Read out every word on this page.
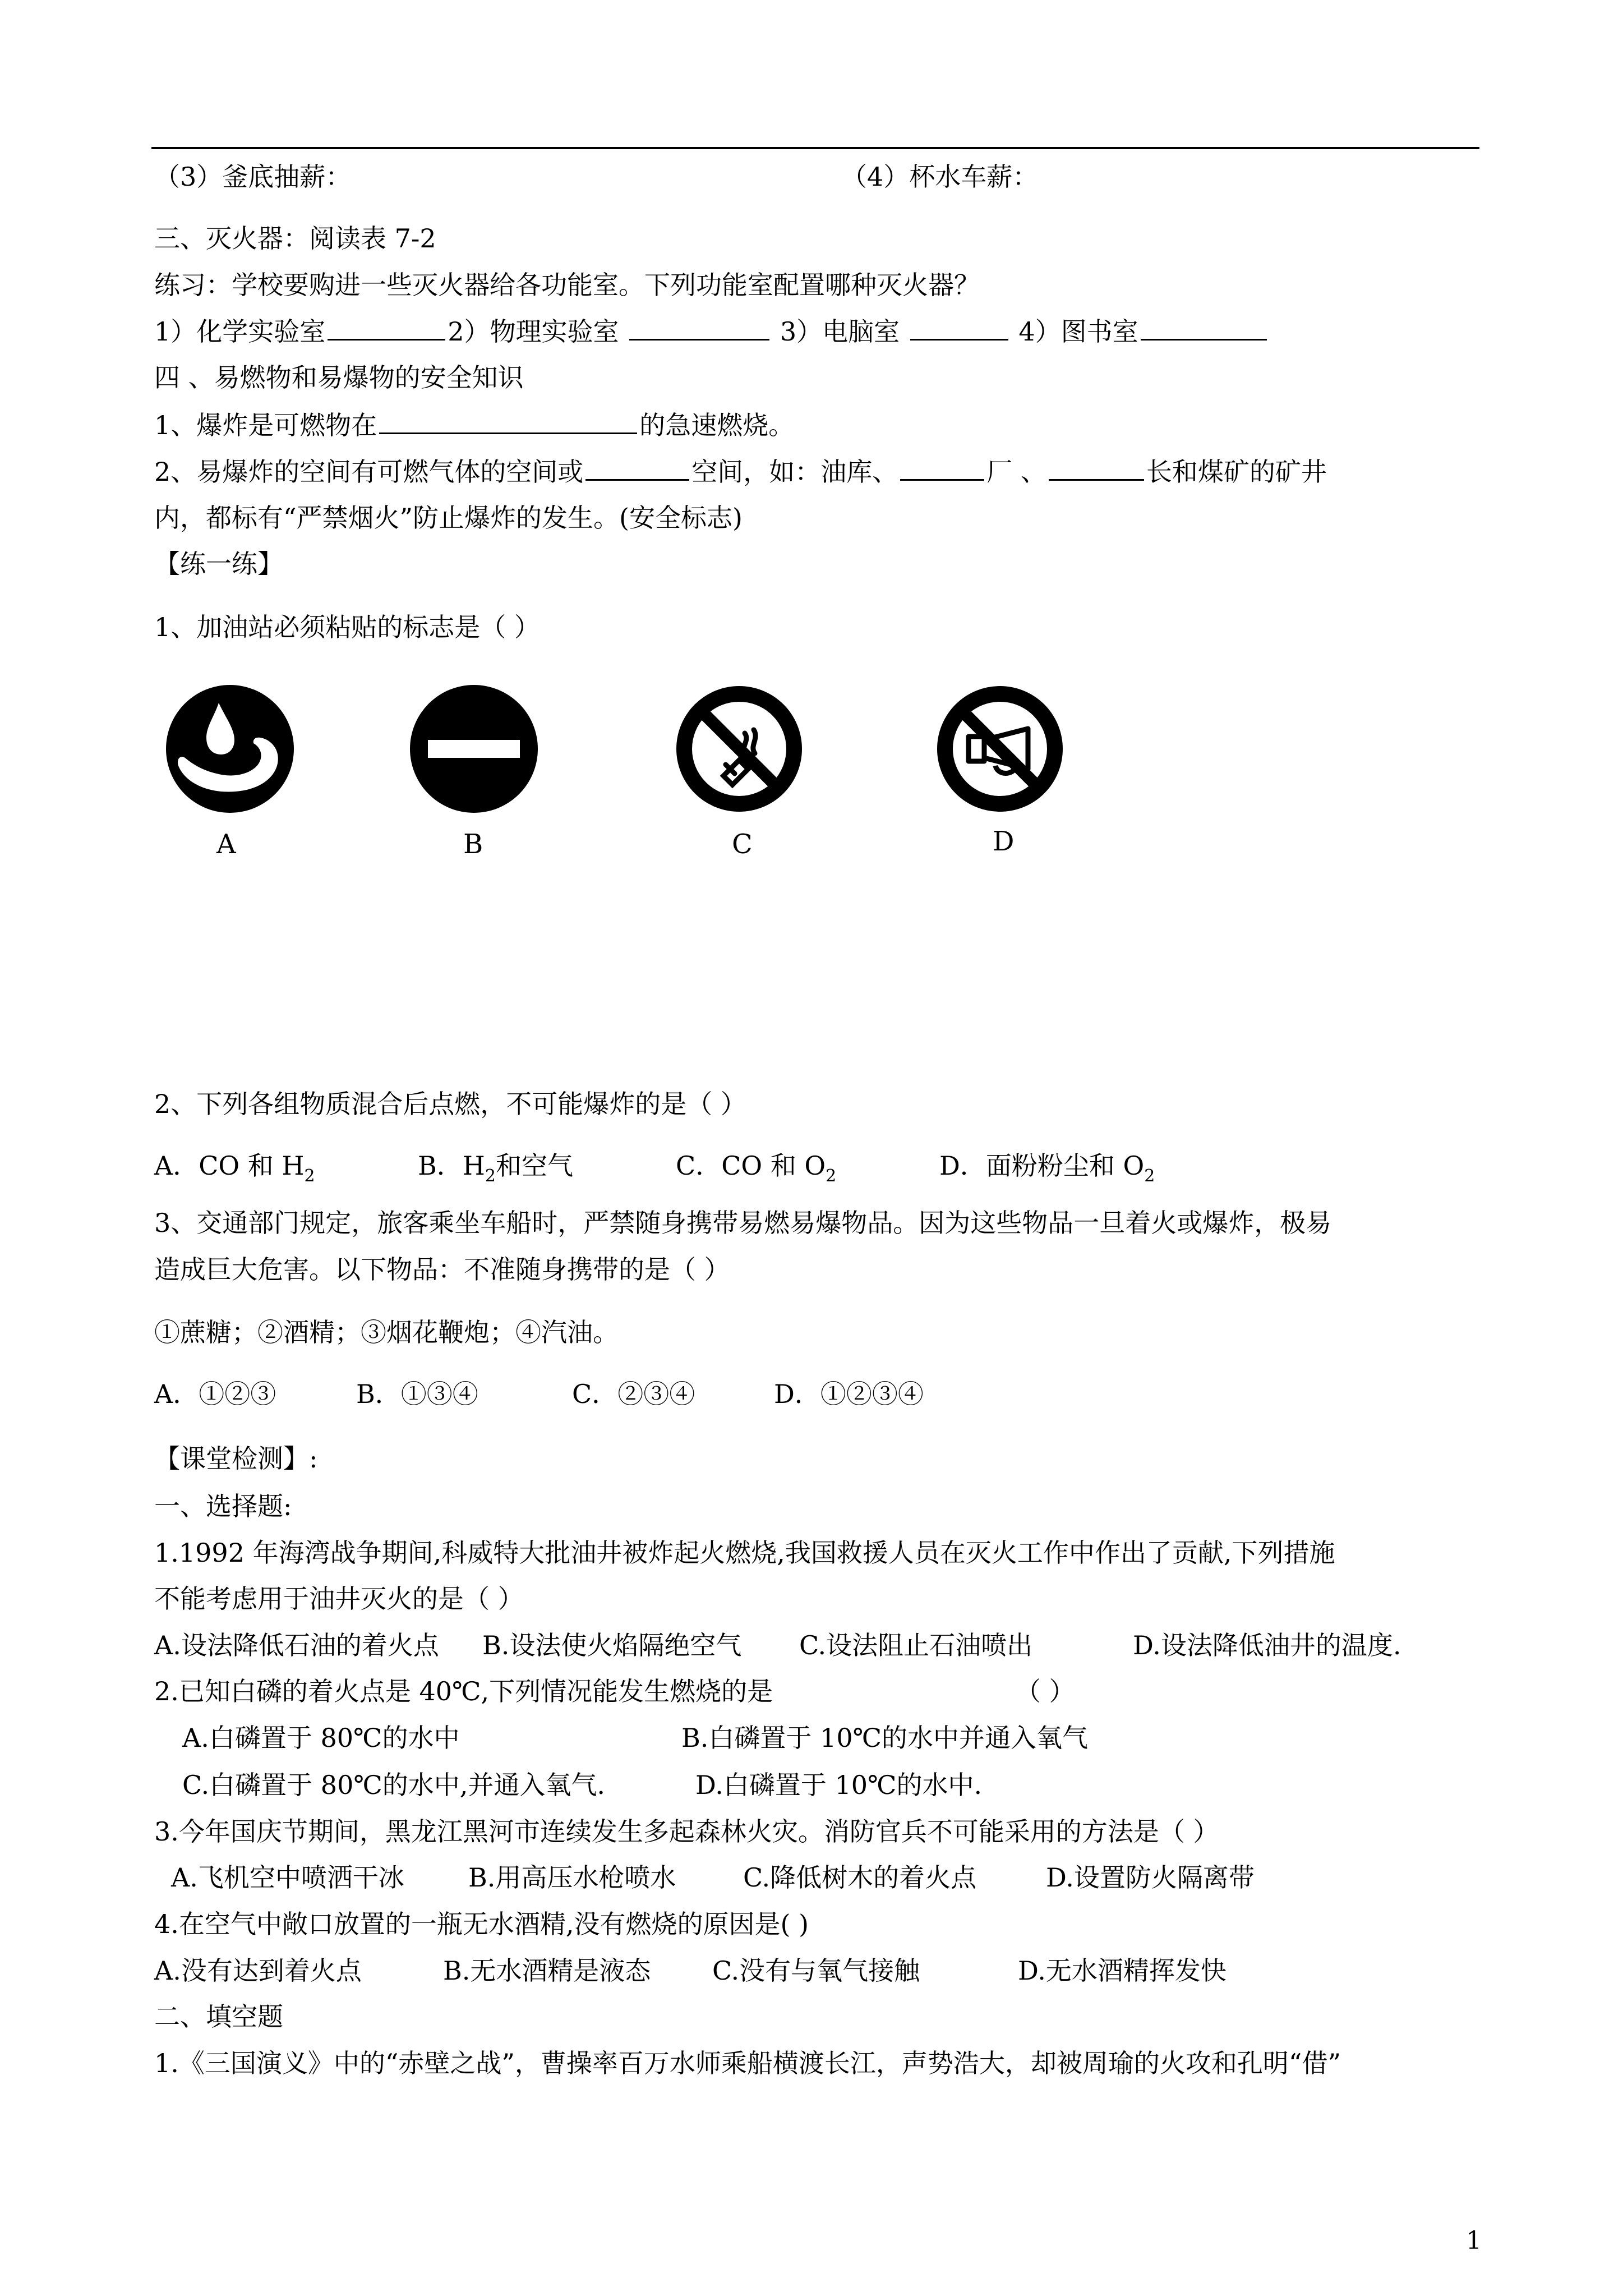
（3）釜底抽薪：	（4）杯水车薪：
三、灭火器：阅读表 7-2
练习：学校要购进一些灭火器给各功能室。下列功能室配置哪种灭火器？
1）化学实验室	2）物理实验室	3）电脑室	4）图书室
四 、易燃物和易爆物的安全知识
1、爆炸是可燃物在	的急速燃烧。
2、易爆炸的空间有可燃气体的空间或	空间，如：油库、	厂 、	长和煤矿的矿井
内，都标有“严禁烟火”防止爆炸的发生。(安全标志)
【练一练】
1、加油站必须粘贴的标志是（ ）
A	B	C	D
2、下列各组物质混合后点燃，不可能爆炸的是（ ）
A．CO 和 $H_2$	B．$H_2$和空气	C．CO 和 $O_2$	D．面粉粉尘和 $O_2$
3、交通部门规定，旅客乘坐车船时，严禁随身携带易燃易爆物品。因为这些物品一旦着火或爆炸，极易
造成巨大危害。以下物品：不准随身携带的是（ ）
①蔗糖；②酒精；③烟花鞭炮；④汽油。
A．①②③	B．①③④	C．②③④	D．①②③④
【课堂检测】:
一、选择题:
1.1992 年海湾战争期间,科威特大批油井被炸起火燃烧,我国救援人员在灭火工作中作出了贡献,下列措施
不能考虑用于油井灭火的是（ ）
A.设法降低石油的着火点 B.设法使火焰隔绝空气 C.设法阻止石油喷出	D.设法降低油井的温度.
2.已知白磷的着火点是 40℃,下列情况能发生燃烧的是	（ ）
A.白磷置于 80℃的水中	B.白磷置于 10℃的水中并通入氧气
C.白磷置于 80℃的水中,并通入氧气.	D.白磷置于 10℃的水中.
3.今年国庆节期间，黑龙江黑河市连续发生多起森林火灾。消防官兵不可能采用的方法是（ ）
A.飞机空中喷洒干冰 B.用高压水枪喷水	C.降低树木的着火点	D.设置防火隔离带
4.在空气中敞口放置的一瓶无水酒精,没有燃烧的原因是( )
A.没有达到着火点	B.无水酒精是液态 C.没有与氧气接触	D.无水酒精挥发快
二、填空题
1.《三国演义》中的“赤壁之战”，曹操率百万水师乘船横渡长江，声势浩大，却被周瑜的火攻和孔明“借”
1
